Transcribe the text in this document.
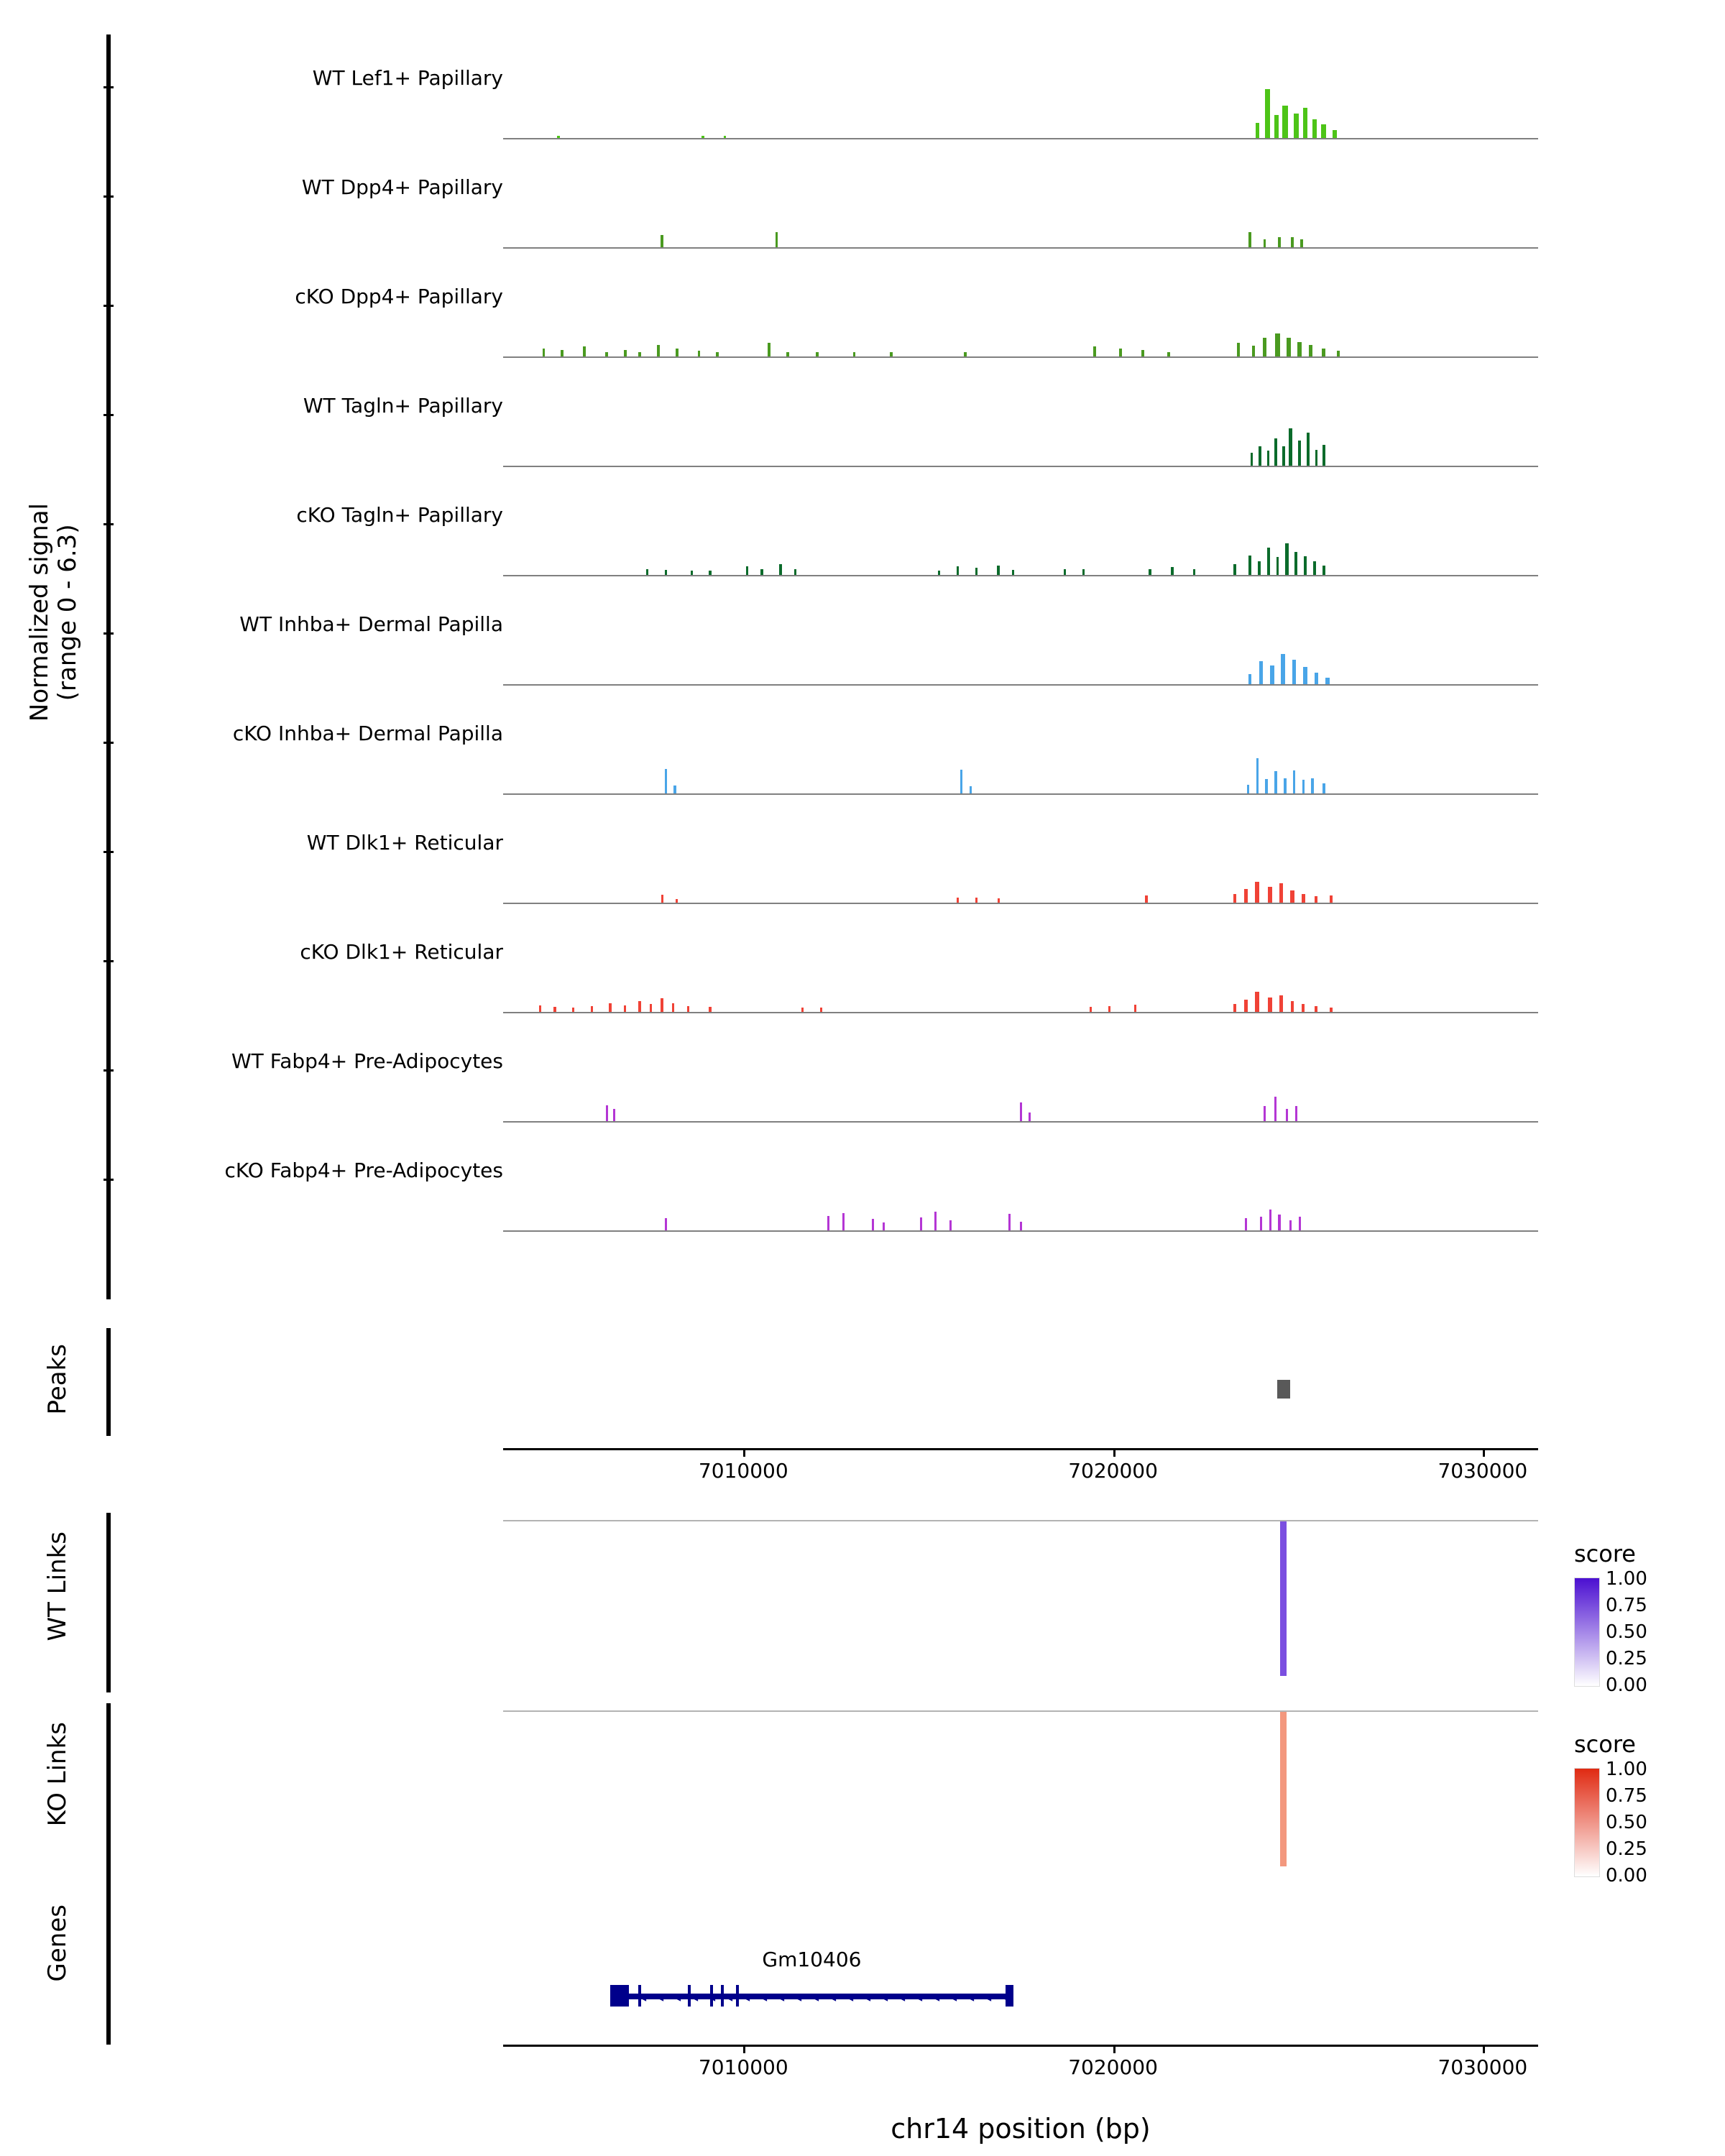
Normalized signal
(range 0 - 6.3)
WT Lef1+ Papillary
WT Dpp4+ Papillary
cKO Dpp4+ Papillary
WT Tagln+ Papillary
cKO Tagln+ Papillary
WT Inhba+ Dermal Papilla
cKO Inhba+ Dermal Papilla
WT Dlk1+ Reticular
cKO Dlk1+ Reticular
WT Fabp4+ Pre-Adipocytes
cKO Fabp4+ Pre-Adipocytes
Peaks
7010000	7020000	7030000
WT Links	score
1.00
0.75
0.50
0.25
0.00
KO Links	score
1.00
0.75
0.50
0.25
0.00
Genes	Gm10406
◂ ◂ ◂ ◂ ◂ ◂ ◂ ◂ ◂ ◂ ◂ ◂ ◂ ◂ ◂ ◂ ◂ ◂ ◂ ◂ ◂ ◂
7010000	7020000	7030000
chr14 position (bp)
